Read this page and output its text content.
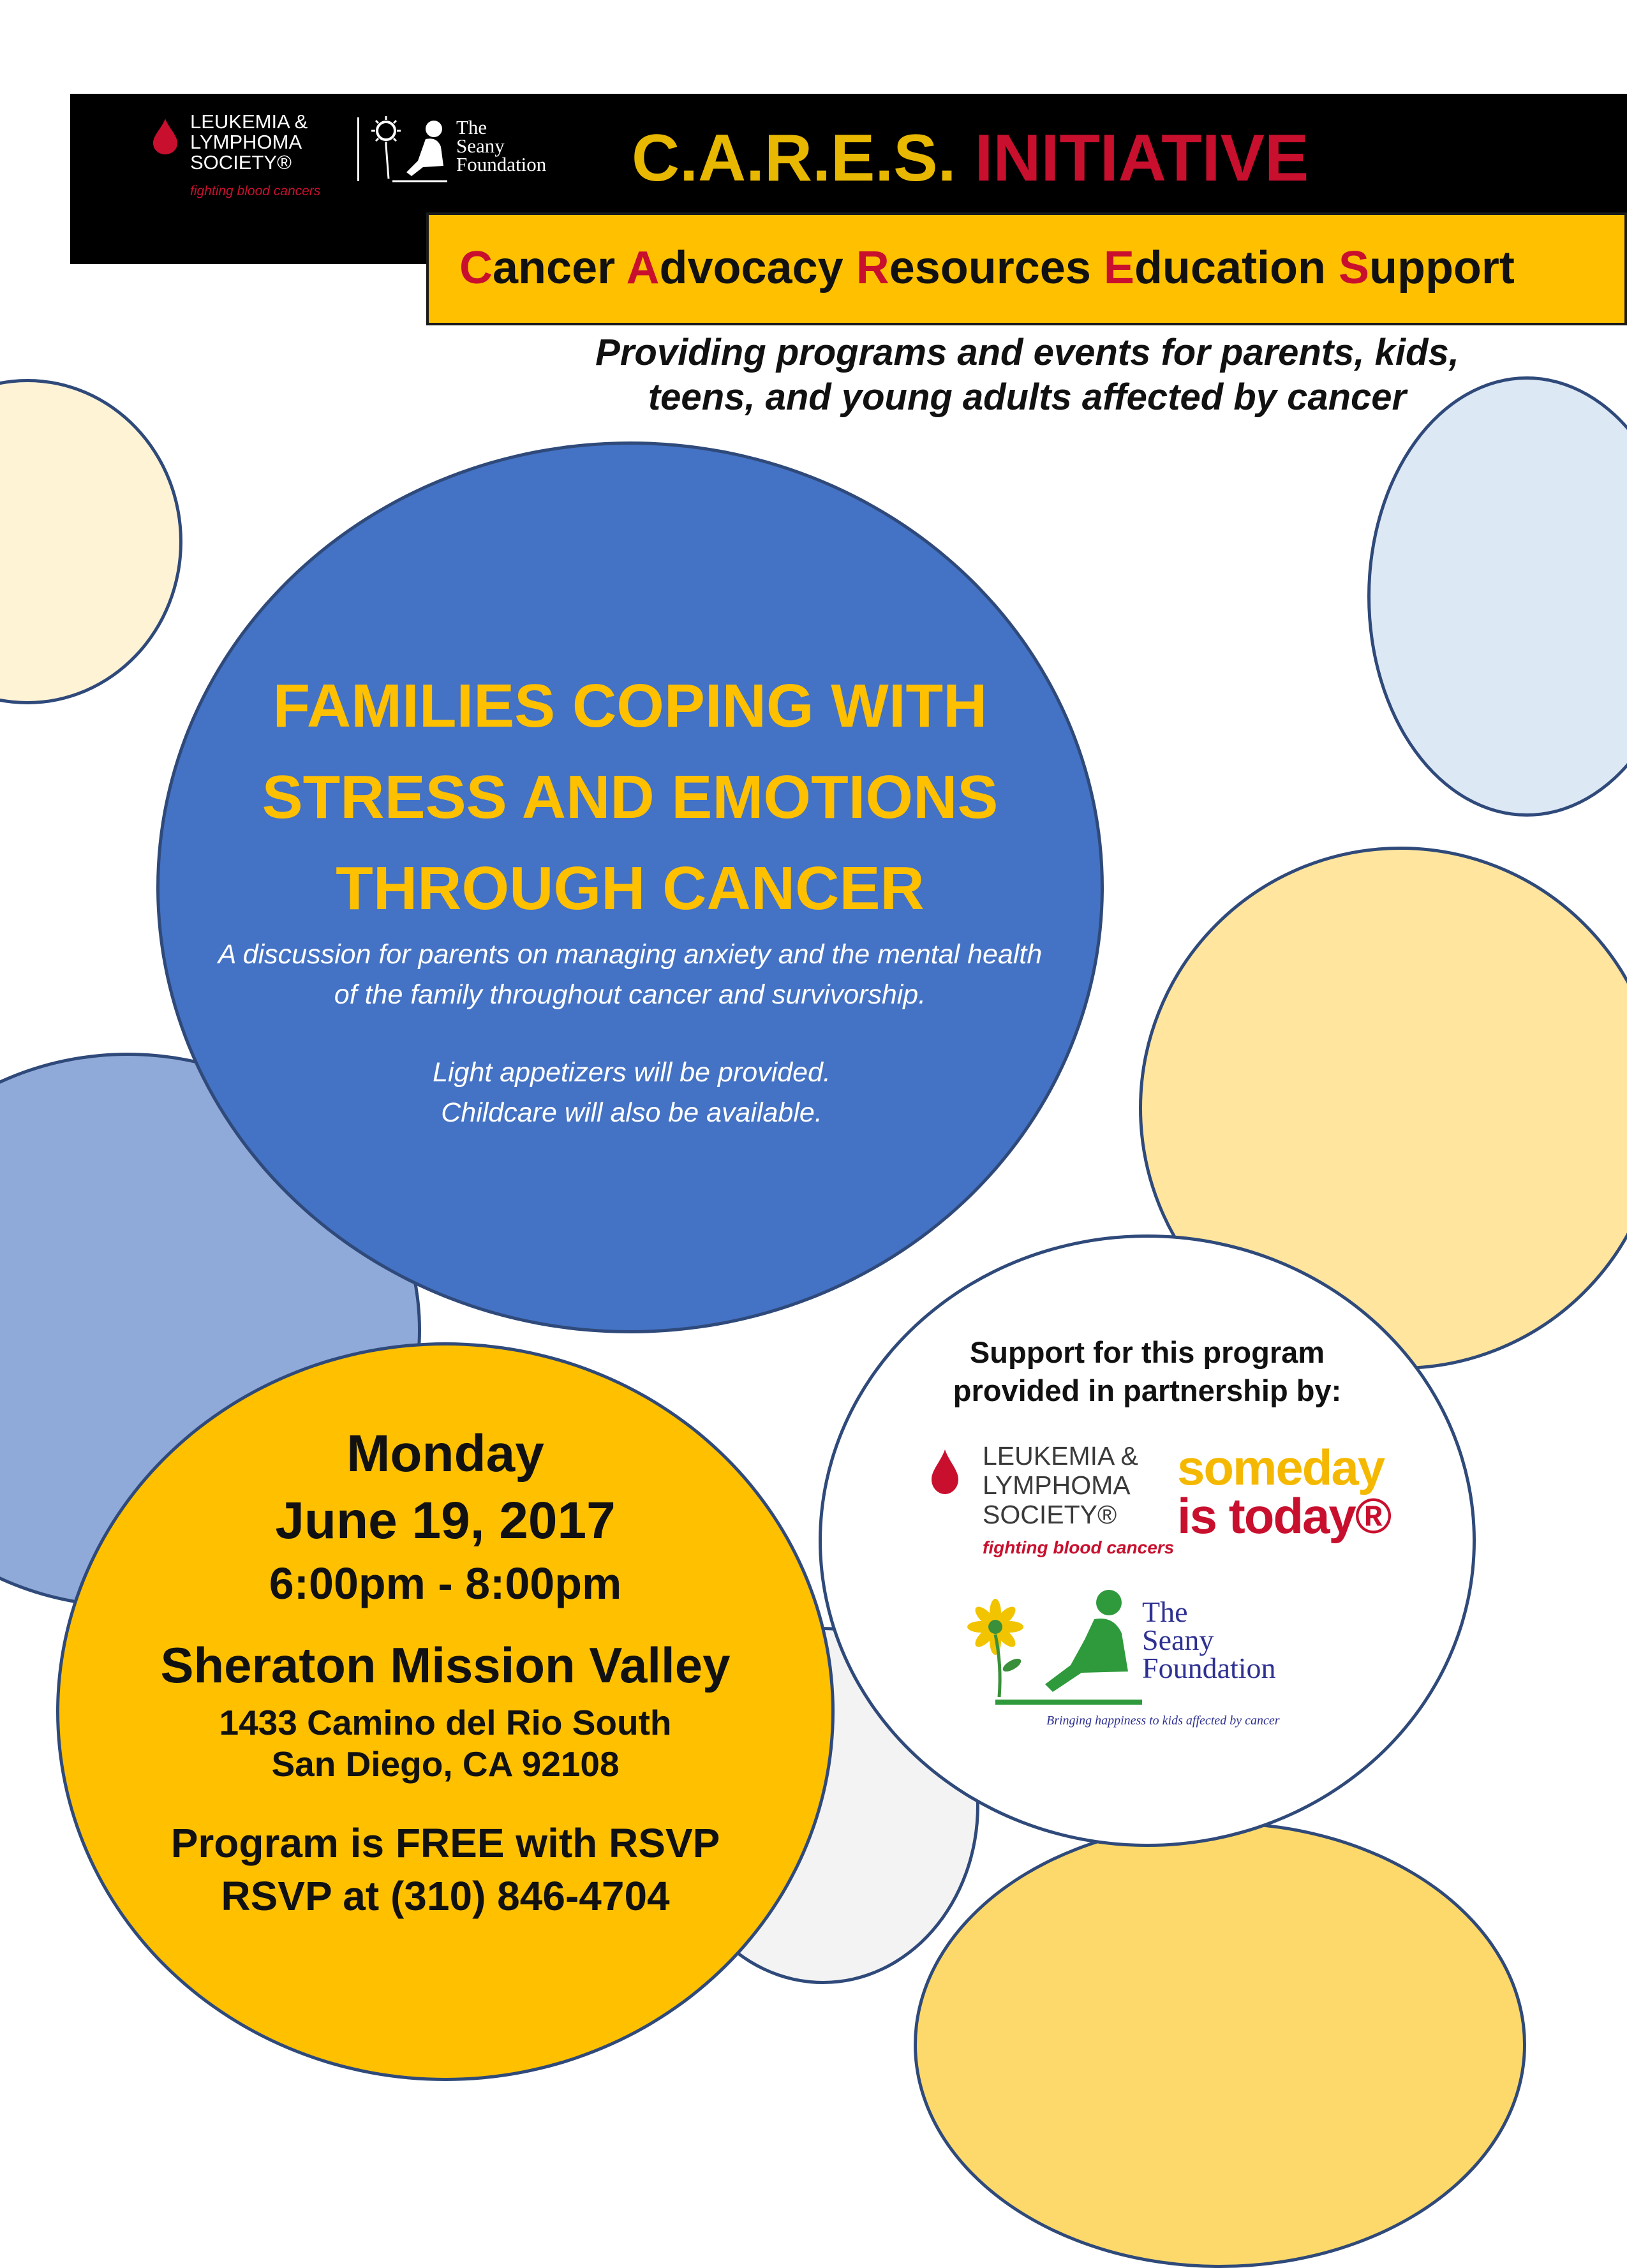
LEUKEMIA &
LYMPHOMA
SOCIETY®
fighting blood cancers
The
Seany
Foundation C.A.R.E.S. INITIATIVE
Cancer Advocacy Resources Education Support
Providing programs and events for parents, kids,
teens, and young adults affected by cancer
FAMILIES COPING WITH
STRESS AND EMOTIONS
THROUGH CANCER
A discussion for parents on managing anxiety and the mental health
of the family throughout cancer and survivorship.
Light appetizers will be provided.
Childcare will also be available.
Support for this program
provided in partnership by:
LEUKEMIA &
LYMPHOMA
SOCIETY®
fighting blood cancers
someday
is today®
The
Seany
Foundation
Bringing happiness to kids affected by cancer
Monday
June 19, 2017
6:00pm - 8:00pm
Sheraton Mission Valley
1433 Camino del Rio South
San Diego, CA 92108
Program is FREE with RSVP
RSVP at (310) 846-4704
